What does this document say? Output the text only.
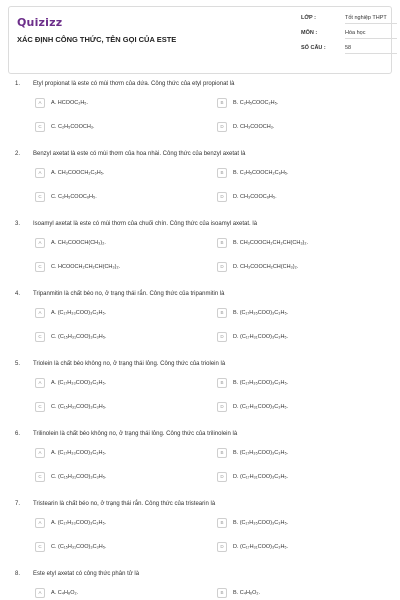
Quizizz
XÁC ĐỊNH CÔNG THỨC, TÊN GỌI CỦA ESTE
LỚP :	Tốt nghiệp THPT
MÔN :	Hóa học
SỐ CÂU :	58
1. Etyl propionat là este có mùi thơm của dứa. Công thức của etyl propionat là
A	A. HCOOC₂H₅.	B	B. C₂H₅COOC₂H₅.
C	C. C₂H₅COOCH₃.	D	D. CH₃COOCH₃.
2. Benzyl axetat là este có mùi thơm của hoa nhài. Công thức của benzyl axetat là
A	A. CH₃COOCH₂C₆H₅.	B	B. C₂H₅COOCH₂C₆H₅.
C	C. C₂H₅COOC₆H₅.	D	D. CH₃COOC₆H₅.
3. Isoamyl axetat là este có mùi thơm của chuối chín. Công thức của isoamyl axetat. là
A	A. CH₃COOCH(CH₃)₂.	B	B. CH₃COOCH₂CH₂CH(CH₃)₂.
C	C. HCOOCH₂CH₂CH(CH₃)₂.	D	D. CH₃COOCH₂CH(CH₃)₂.
4. Tripanmitin là chất béo no, ở trạng thái rắn. Công thức của tripanmitin là
A	A. (C₁₇H₃₃COO)₃C₃H₅.	B	B. (C₁₇H₃₅COO)₃C₃H₅.
C	C. (C₁₅H₃₁COO)₃C₃H₅.	D	D. (C₁₇H₃₁COO)₃C₃H₅.
5. Triolein là chất béo không no, ở trạng thái lỏng. Công thức của triolein là
A	A. (C₁₇H₃₃COO)₃C₃H₅.	B	B. (C₁₇H₃₅COO)₃C₃H₅.
C	C. (C₁₅H₃₁COO)₃C₃H₅.	D	D. (C₁₇H₃₁COO)₃C₃H₅.
6. Trilinolein là chất béo không no, ở trạng thái lỏng. Công thức của trilinolein là
A	A. (C₁₇H₃₃COO)₃C₃H₅.	B	B. (C₁₇H₃₅COO)₃C₃H₅.
C	C. (C₁₅H₃₁COO)₃C₃H₅.	D	D. (C₁₇H₃₁COO)₃C₃H₅.
7. Tristearin là chất béo no, ở trạng thái rắn. Công thức của tristearin là
A	A. (C₁₇H₃₃COO)₃C₃H₅.	B	B. (C₁₇H₃₅COO)₃C₃H₅.
C	C. (C₁₅H₃₁COO)₃C₃H₅.	D	D. (C₁₇H₃₁COO)₃C₃H₅.
8. Este etyl axetat có công thức phân tử là
A	A. C₄H₈O₂.	B	B. C₄H₆O₂.
